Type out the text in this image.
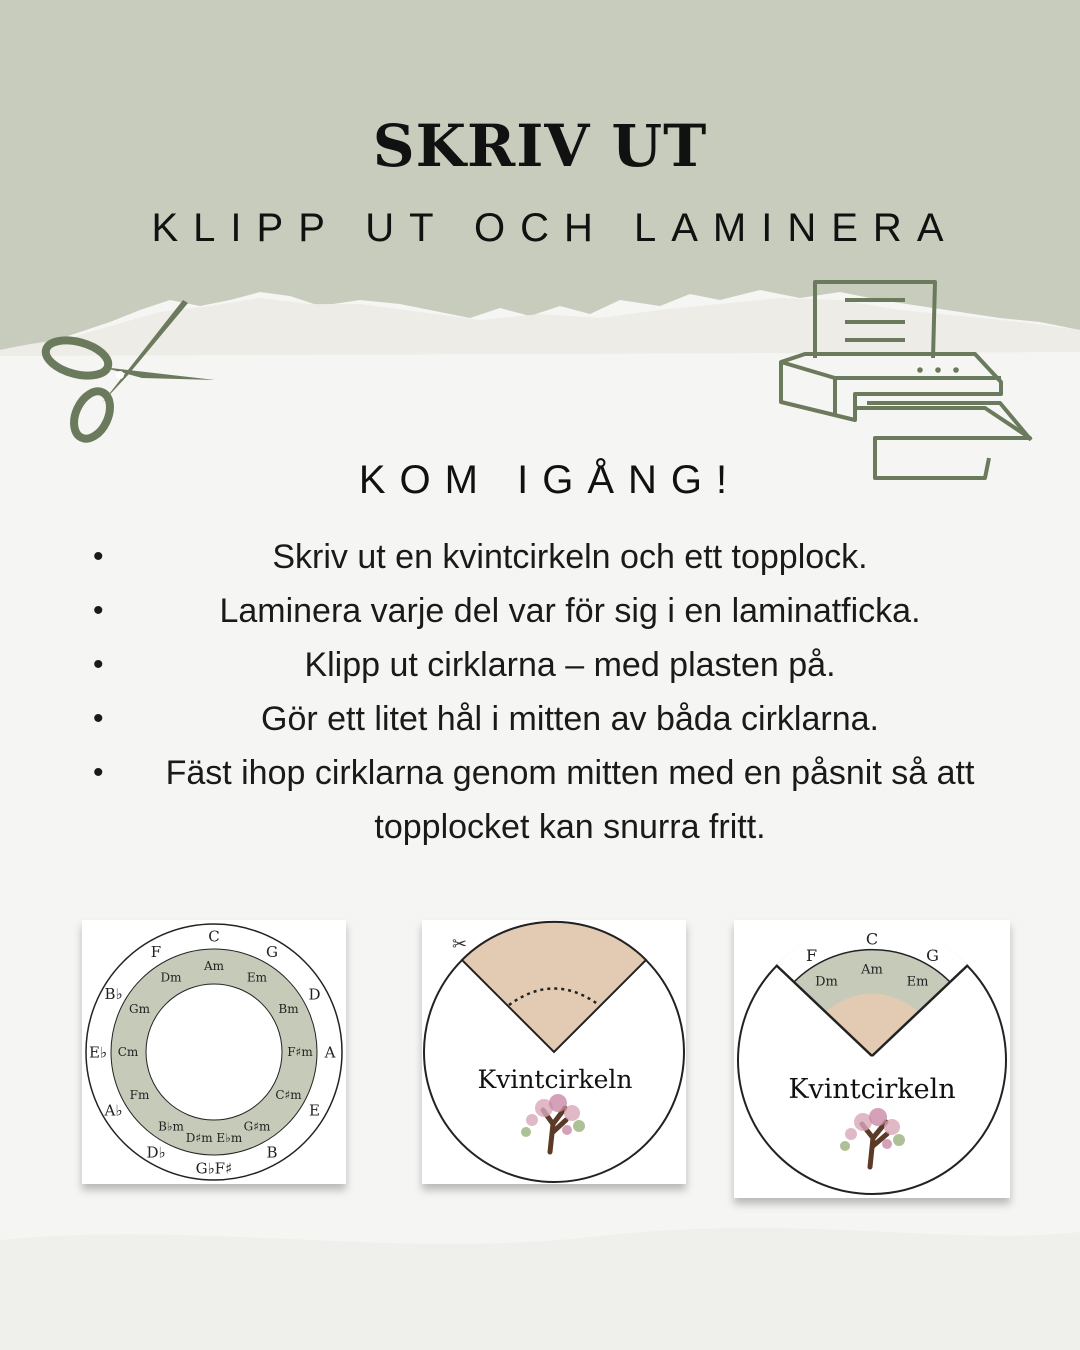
SKRIV UT
KLIPP UT OCH LAMINERA
KOM IGÅNG!
•	Skriv ut en kvintcirkeln och ett topplock.
•	Laminera varje del var för sig i en laminatficka.
•	Klipp ut cirklarna – med plasten på.
•	Gör ett litet hål i mitten av båda cirklarna.
• Fäst ihop cirklarna genom mitten med en påsnit så att topplocket kan snurra fritt.
C
G
D
A
E
B
G♭F♯
D♭
A♭
E♭
B♭
F
Am
Em
Bm
F♯m
C♯m
G♯m
D♯m E♭m
B♭m
Fm
Cm
Gm
Dm
✂
Kvintcirkeln
F
C
G
Dm
Am
Em
Kvintcirkeln
